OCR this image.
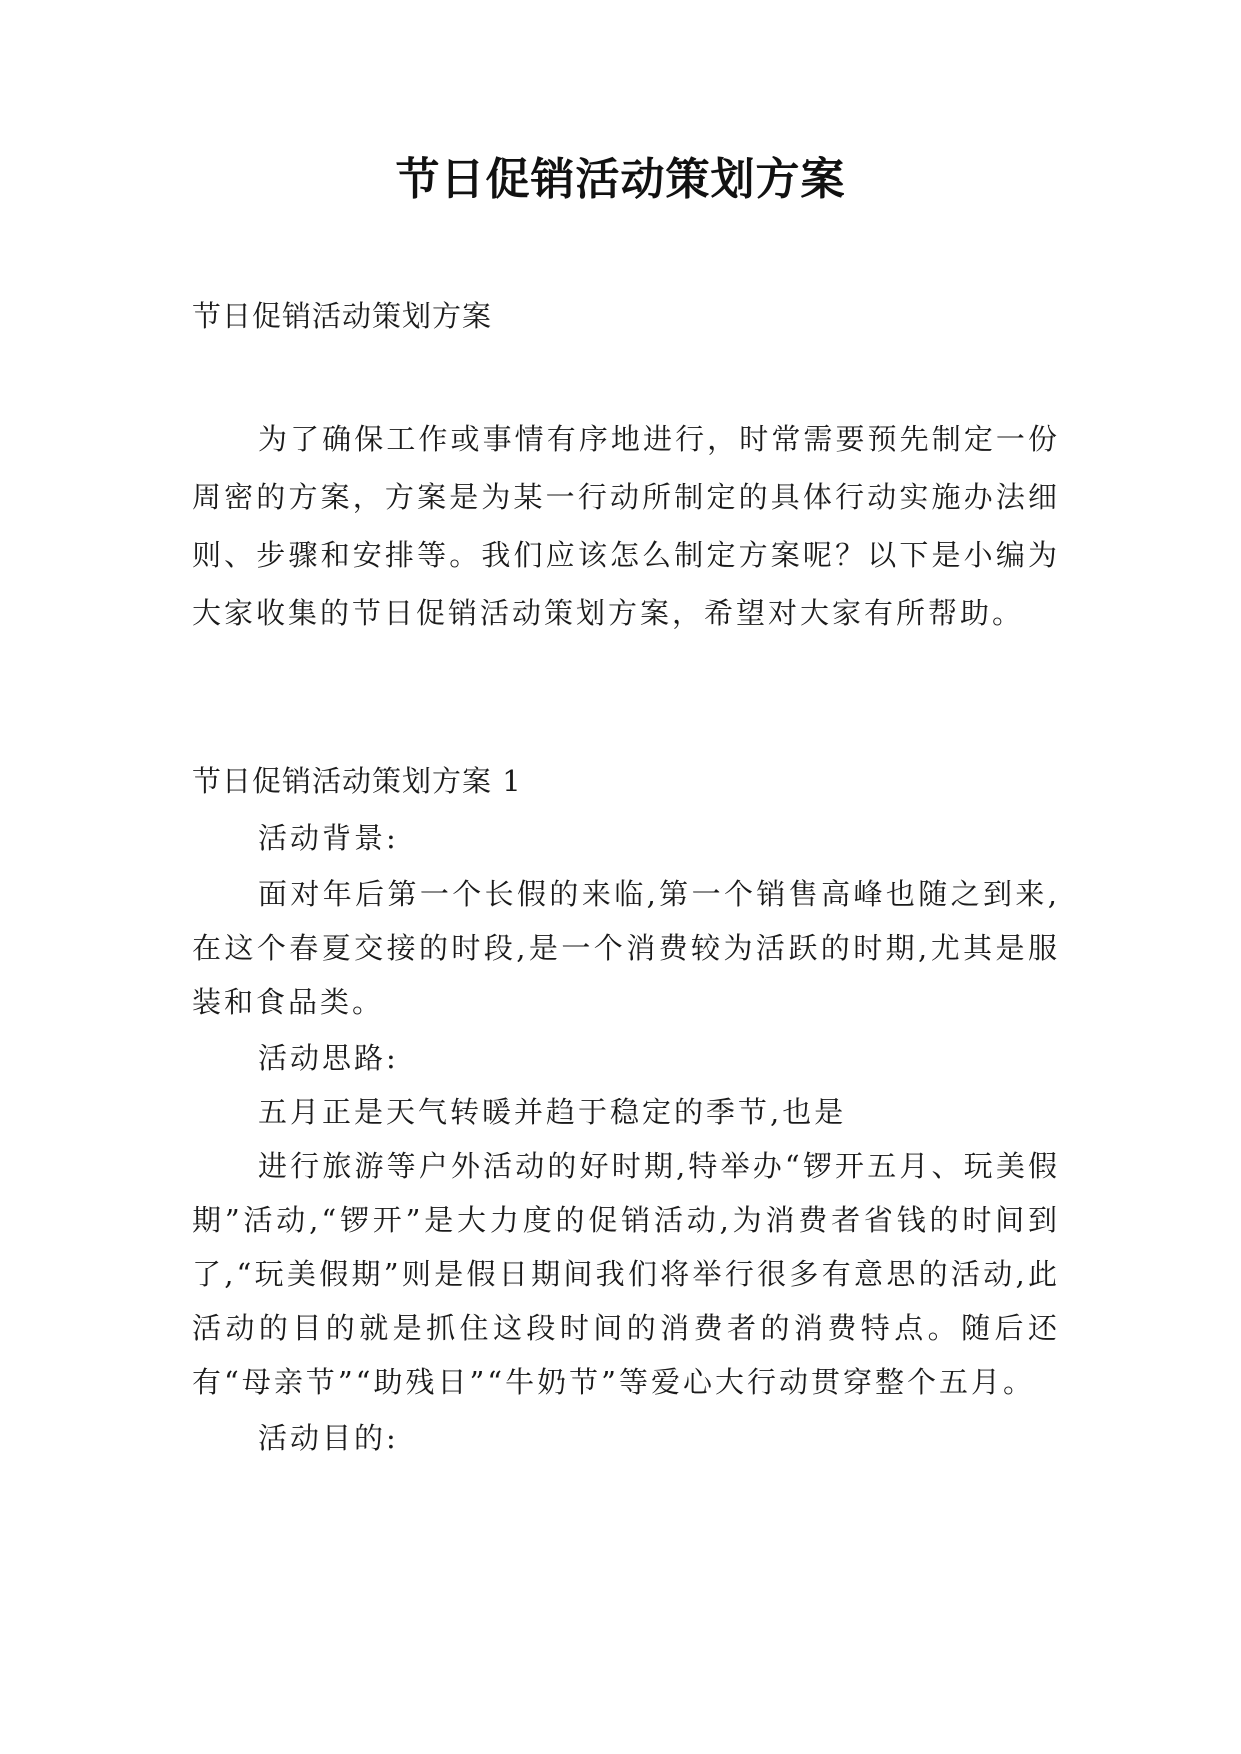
节日促销活动策划方案
节日促销活动策划方案

为了确保工作或事情有序地进行，时常需要预先制定一份周密的方案，方案是为某一行动所制定的具体行动实施办法细则、步骤和安排等。我们应该怎么制定方案呢？以下是小编为大家收集的节日促销活动策划方案，希望对大家有所帮助。

节日促销活动策划方案 1

活动背景:

面对年后第一个长假的来临,第一个销售高峰也随之到来,在这个春夏交接的时段,是一个消费较为活跃的时期,尤其是服装和食品类。

活动思路:

五月正是天气转暖并趋于稳定的季节,也是

进行旅游等户外活动的好时期,特举办“锣开五月、玩美假期”活动,“锣开”是大力度的促销活动,为消费者省钱的时间到了,“玩美假期”则是假日期间我们将举行很多有意思的活动,此活动的目的就是抓住这段时间的消费者的消费特点。随后还有“母亲节”“助残日”“牛奶节”等爱心大行动贯穿整个五月。

活动目的:
